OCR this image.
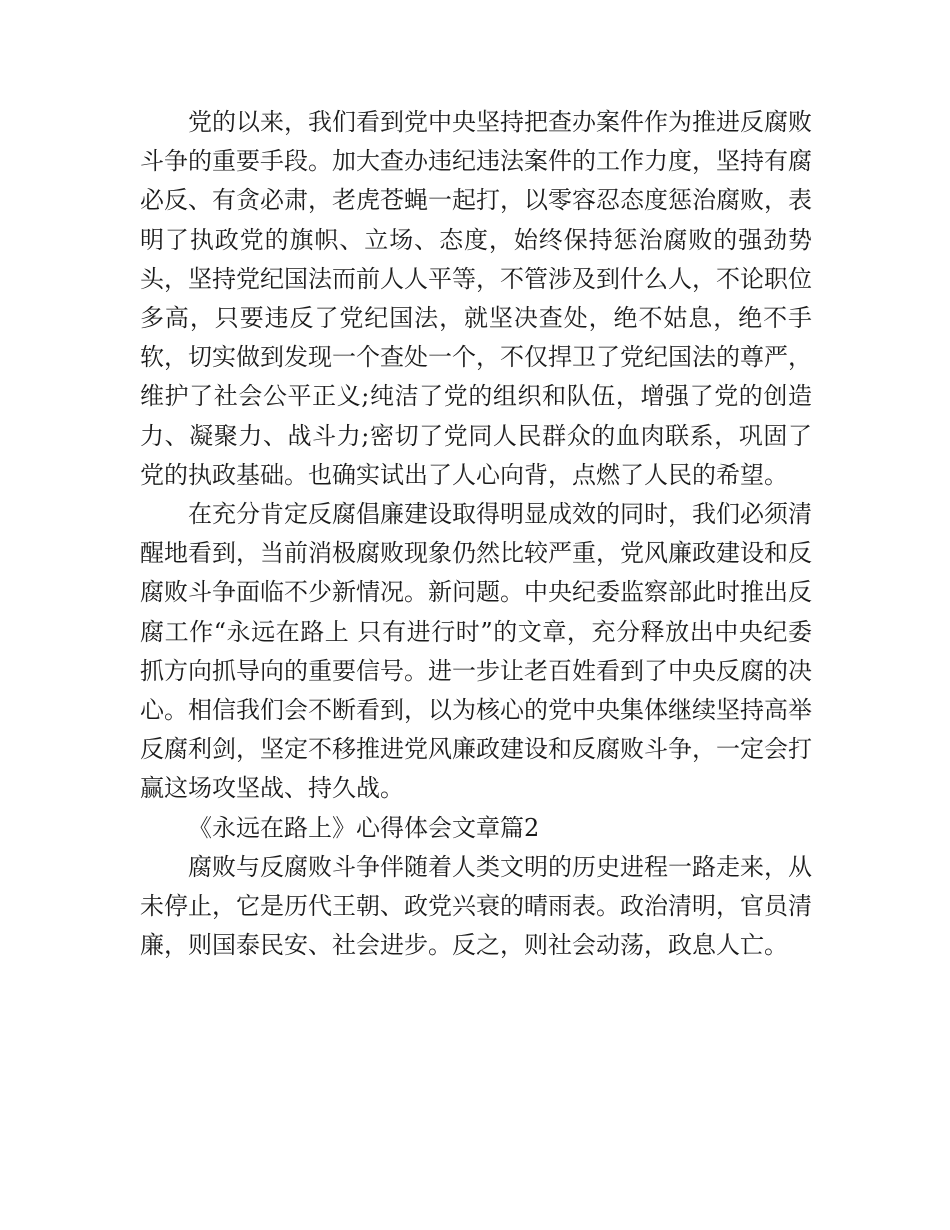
党的以来，我们看到党中央坚持把查办案件作为推进反腐败斗争的重要手段。加大查办违纪违法案件的工作力度，坚持有腐必反、有贪必肃，老虎苍蝇一起打，以零容忍态度惩治腐败，表明了执政党的旗帜、立场、态度，始终保持惩治腐败的强劲势头，坚持党纪国法而前人人平等，不管涉及到什么人，不论职位多高，只要违反了党纪国法，就坚决查处，绝不姑息，绝不手软，切实做到发现一个查处一个，不仅捍卫了党纪国法的尊严，维护了社会公平正义;纯洁了党的组织和队伍，增强了党的创造力、凝聚力、战斗力;密切了党同人民群众的血肉联系，巩固了党的执政基础。也确实试出了人心向背，点燃了人民的希望。

在充分肯定反腐倡廉建设取得明显成效的同时，我们必须清醒地看到，当前消极腐败现象仍然比较严重，党风廉政建设和反腐败斗争面临不少新情况。新问题。中央纪委监察部此时推出反腐工作“永远在路上 只有进行时”的文章，充分释放出中央纪委抓方向抓导向的重要信号。进一步让老百姓看到了中央反腐的决心。相信我们会不断看到，以为核心的党中央集体继续坚持高举反腐利剑，坚定不移推进党风廉政建设和反腐败斗争，一定会打赢这场攻坚战、持久战。

《永远在路上》心得体会文章篇2

腐败与反腐败斗争伴随着人类文明的历史进程一路走来，从未停止，它是历代王朝、政党兴衰的晴雨表。政治清明，官员清廉，则国泰民安、社会进步。反之，则社会动荡，政息人亡。
